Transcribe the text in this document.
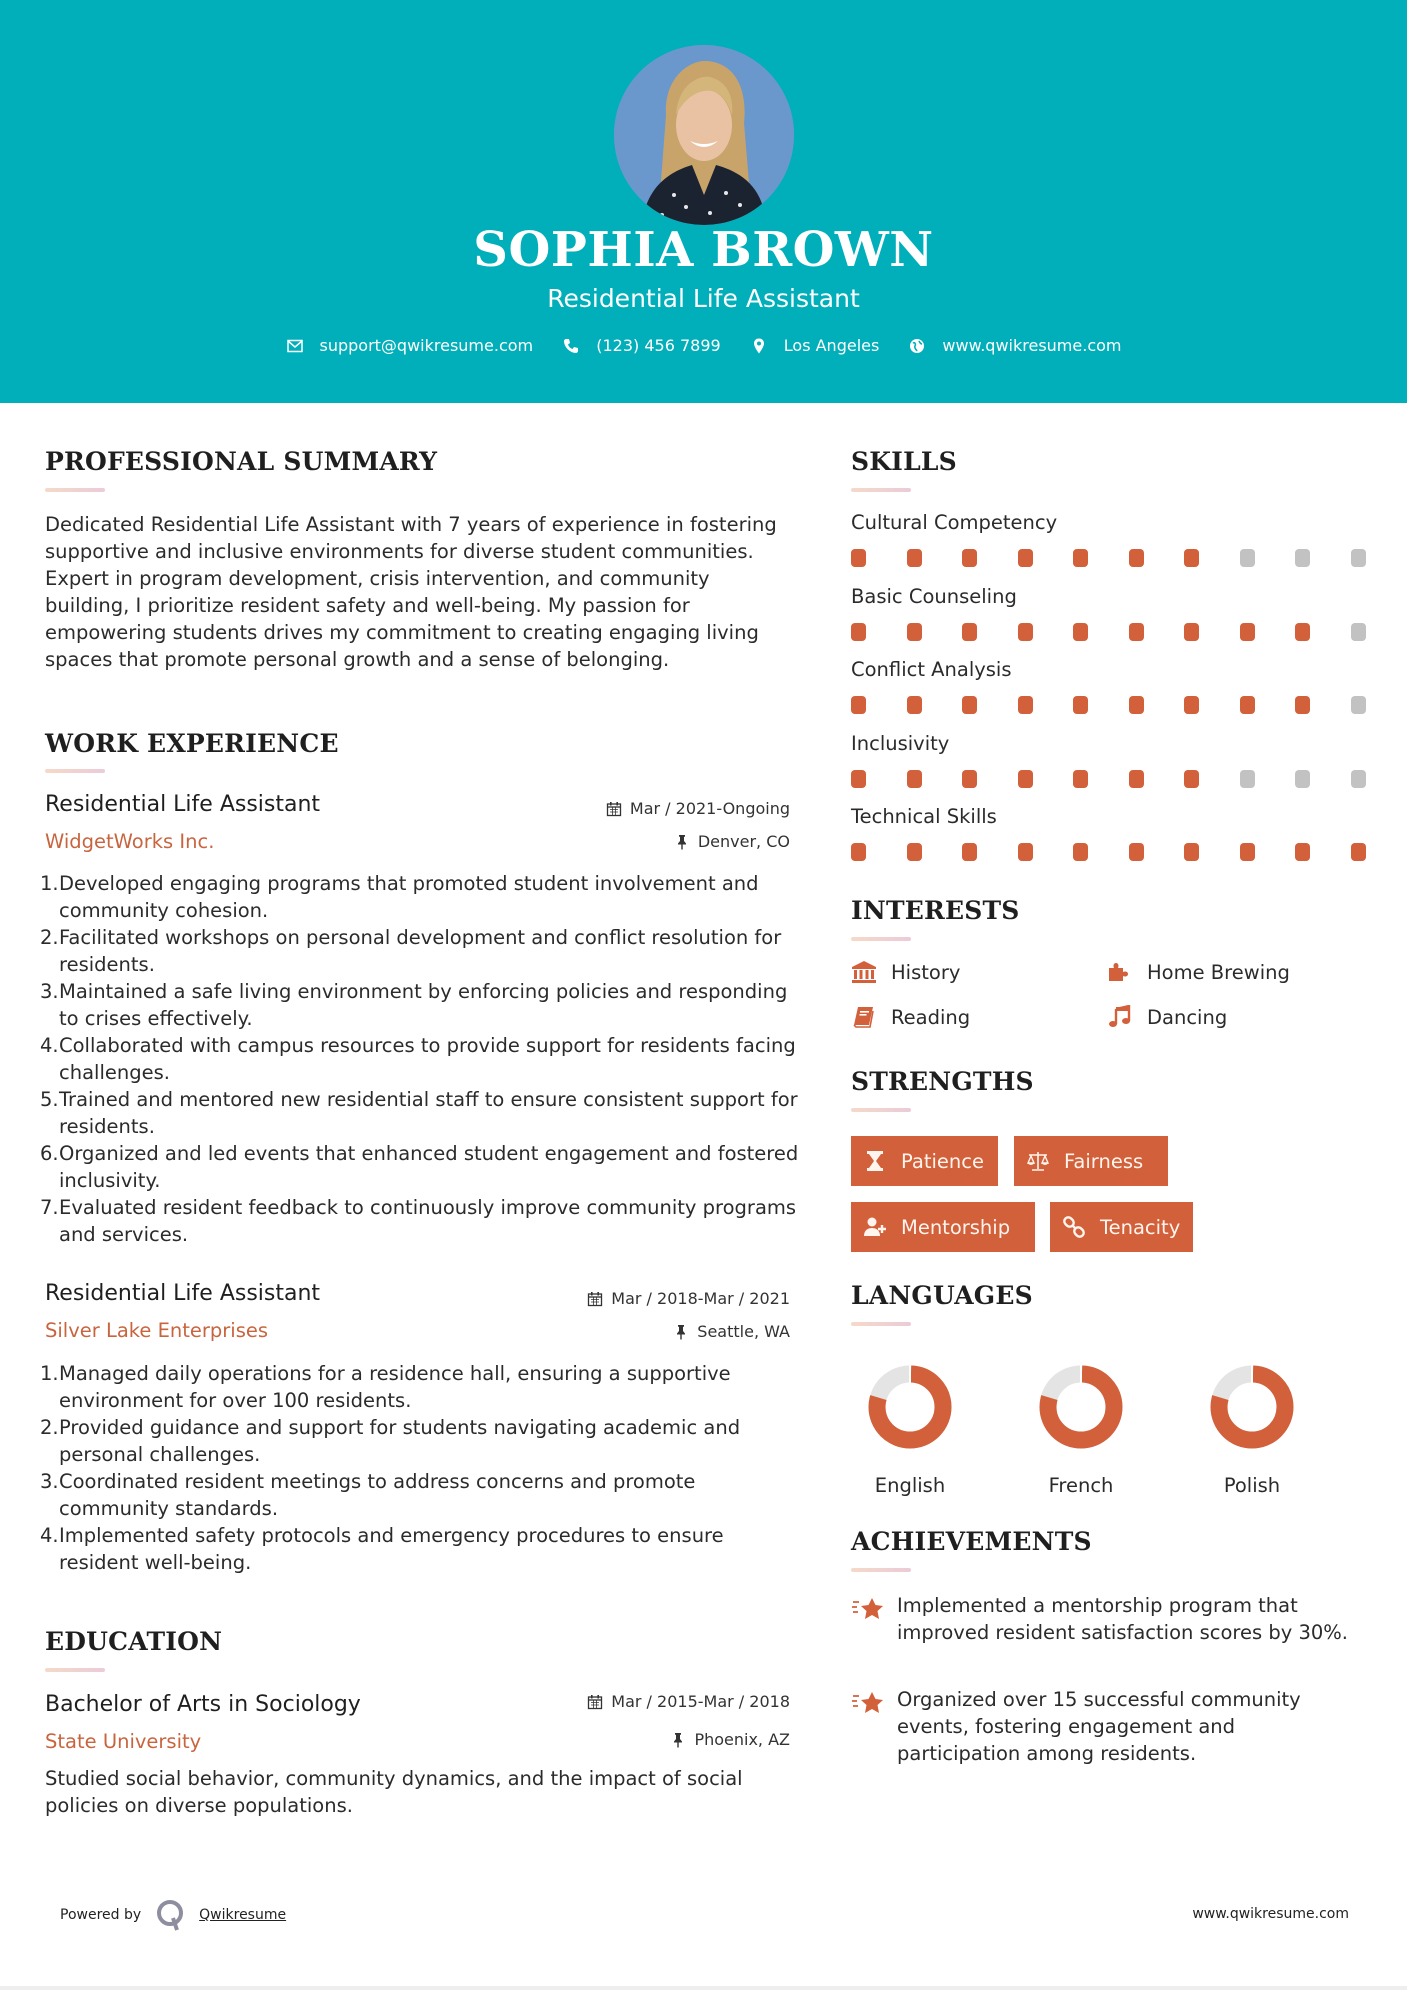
SOPHIA BROWN
Residential Life Assistant
support@qwikresume.com
	(123) 456 7899
	Los Angeles
	www.qwikresume.com
PROFESSIONAL SUMMARY
Dedicated Residential Life Assistant with 7 years of experience in fostering supportive and inclusive environments for diverse student communities. Expert in program development, crisis intervention, and community building, I prioritize resident safety and well-being. My passion for empowering students drives my commitment to creating engaging living spaces that promote personal growth and a sense of belonging.
WORK EXPERIENCE
Residential Life Assistant	Mar / 2021-Ongoing
WidgetWorks Inc.	Denver, CO
1. Developed engaging programs that promoted student involvement and community cohesion.
2. Facilitated workshops on personal development and conflict resolution for residents.
3. Maintained a safe living environment by enforcing policies and responding to crises effectively.
4. Collaborated with campus resources to provide support for residents facing challenges.
5. Trained and mentored new residential staff to ensure consistent support for residents.
6. Organized and led events that enhanced student engagement and fostered inclusivity.
7. Evaluated resident feedback to continuously improve community programs and services.
Residential Life Assistant	Mar / 2018-Mar / 2021
Silver Lake Enterprises	Seattle, WA
1. Managed daily operations for a residence hall, ensuring a supportive environment for over 100 residents.
2. Provided guidance and support for students navigating academic and personal challenges.
3. Coordinated resident meetings to address concerns and promote community standards.
4. Implemented safety protocols and emergency procedures to ensure resident well-being.
EDUCATION
Bachelor of Arts in Sociology	Mar / 2015-Mar / 2018
State University	Phoenix, AZ
Studied social behavior, community dynamics, and the impact of social policies on diverse populations.
SKILLS
Cultural Competency
Basic Counseling
Conflict Analysis
Inclusivity
Technical Skills
INTERESTS
History	Home Brewing
Reading	Dancing
STRENGTHS
Patience	Fairness
Mentorship	Tenacity
LANGUAGES
English	French	Polish
ACHIEVEMENTS
Implemented a mentorship program that improved resident satisfaction scores by 30%.
Organized over 15 successful community events, fostering engagement and participation among residents.
Powered by	Qwikresume	www.qwikresume.com
